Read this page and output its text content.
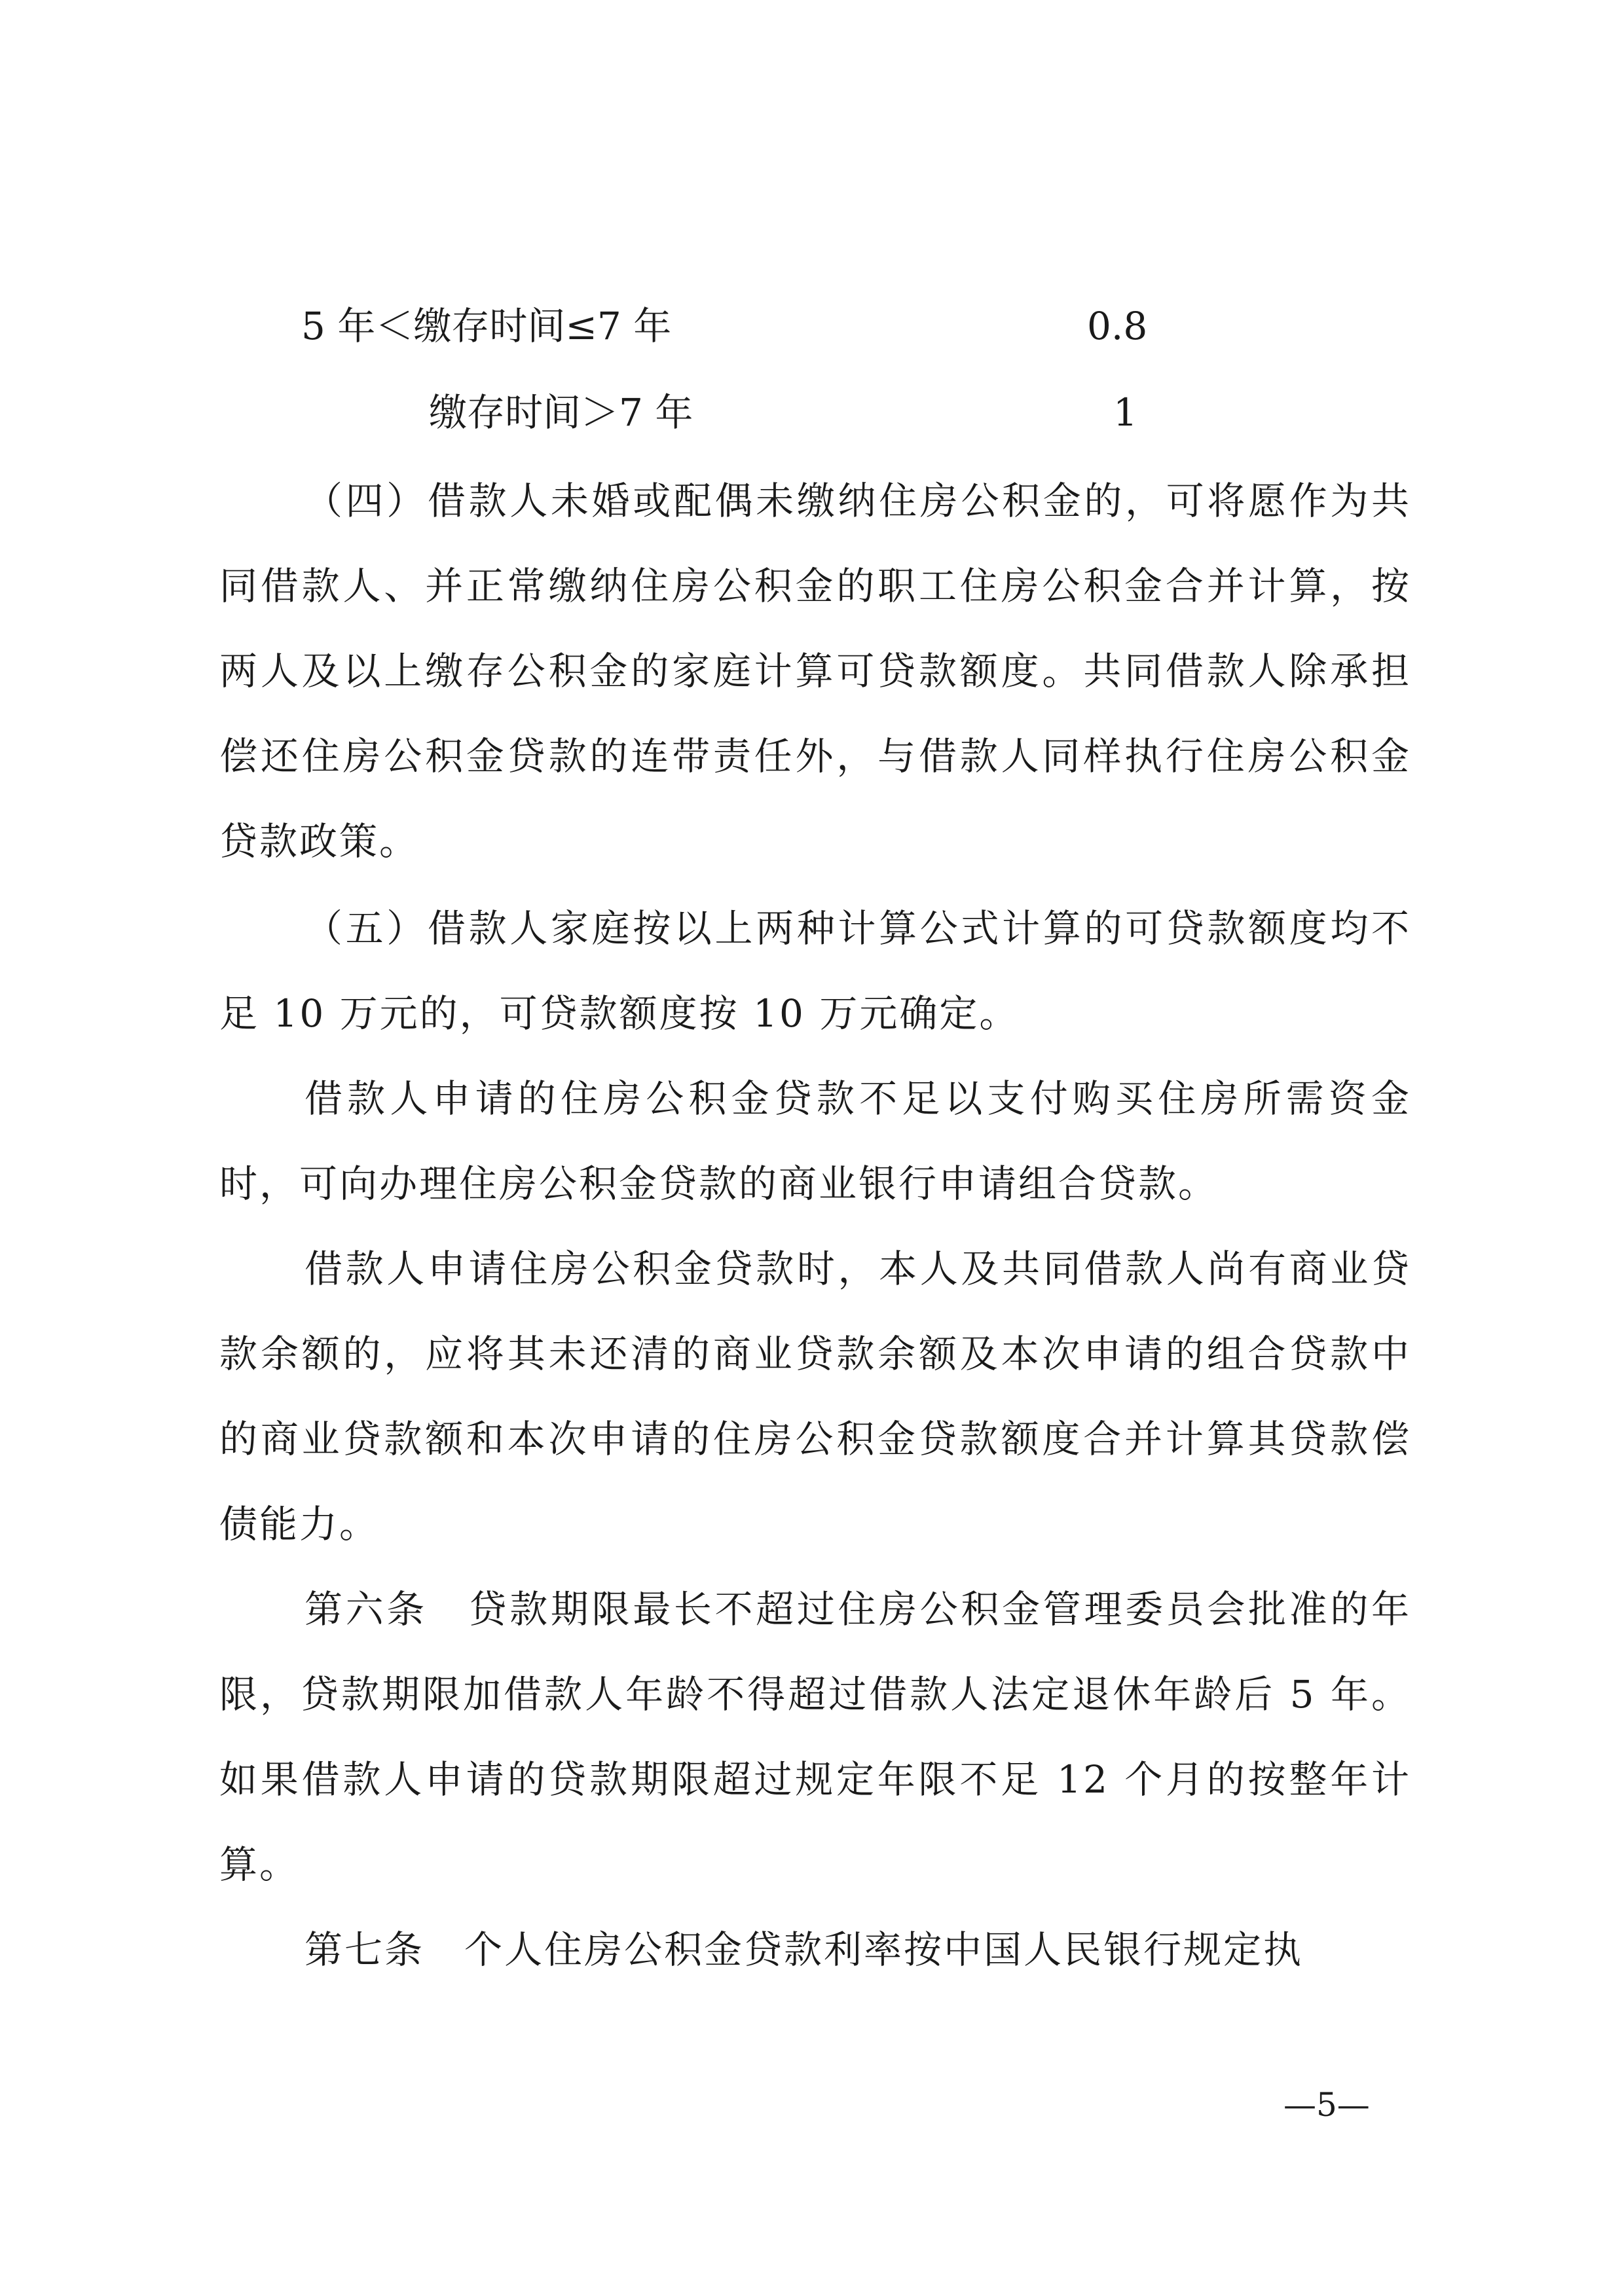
5 年＜缴存时间≤7 年	0.8
缴存时间＞7 年	1

（四）借款人未婚或配偶未缴纳住房公积金的，可将愿作为共同借款人、并正常缴纳住房公积金的职工住房公积金合并计算，按两人及以上缴存公积金的家庭计算可贷款额度。共同借款人除承担偿还住房公积金贷款的连带责任外，与借款人同样执行住房公积金贷款政策。

（五）借款人家庭按以上两种计算公式计算的可贷款额度均不足 10 万元的，可贷款额度按 10 万元确定。

借款人申请的住房公积金贷款不足以支付购买住房所需资金时，可向办理住房公积金贷款的商业银行申请组合贷款。

借款人申请住房公积金贷款时，本人及共同借款人尚有商业贷款余额的，应将其未还清的商业贷款余额及本次申请的组合贷款中的商业贷款额和本次申请的住房公积金贷款额度合并计算其贷款偿债能力。

第六条　贷款期限最长不超过住房公积金管理委员会批准的年限，贷款期限加借款人年龄不得超过借款人法定退休年龄后 5 年。如果借款人申请的贷款期限超过规定年限不足 12 个月的按整年计算。

第七条　个人住房公积金贷款利率按中国人民银行规定执

—5—
